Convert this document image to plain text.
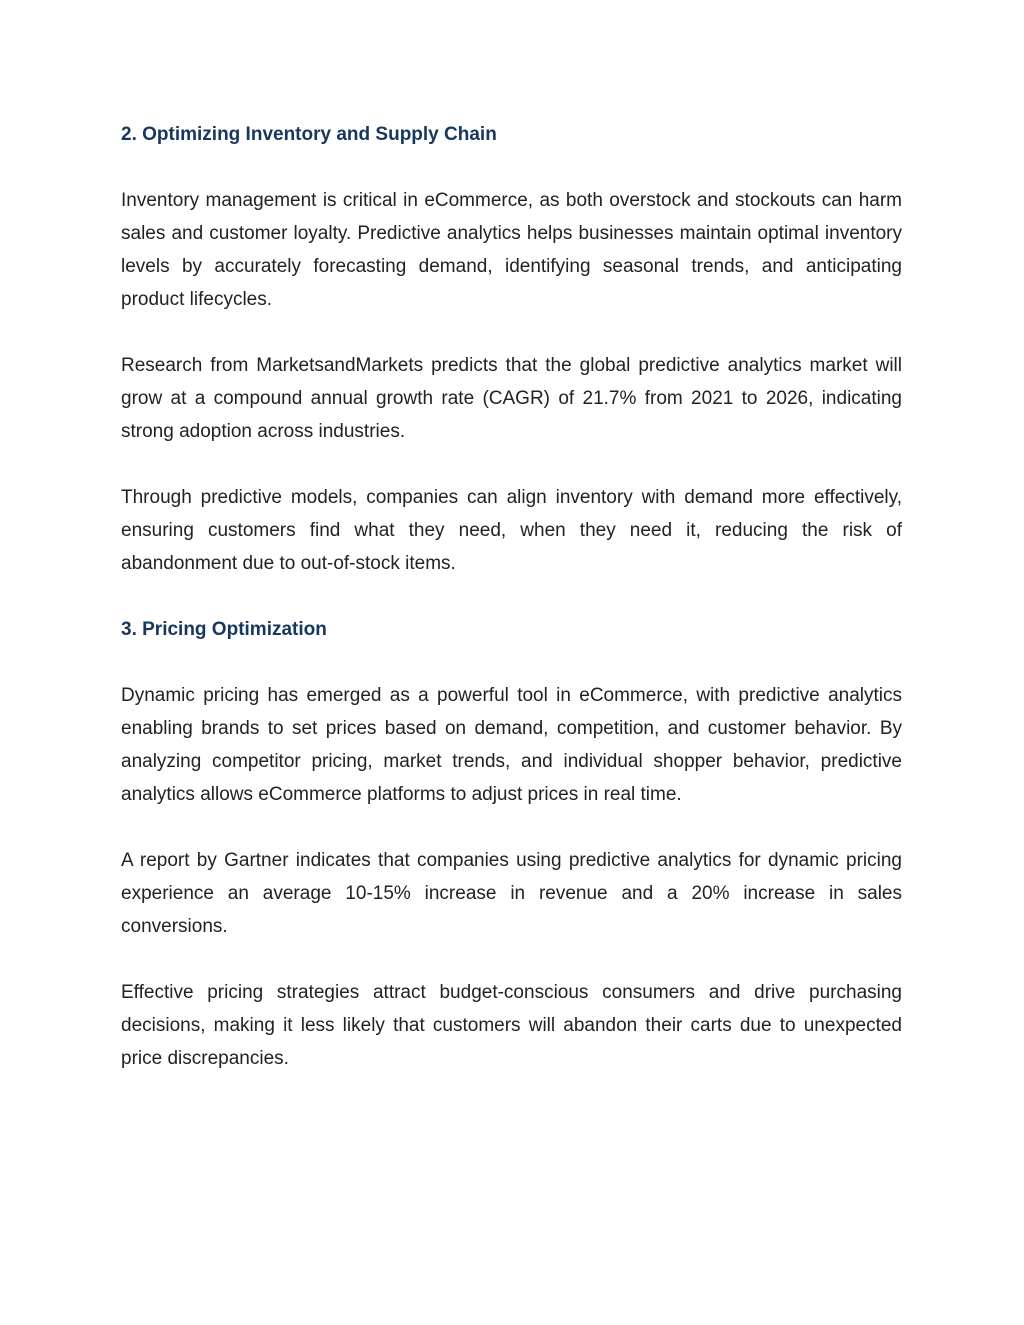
2. Optimizing Inventory and Supply Chain

Inventory management is critical in eCommerce, as both overstock and stockouts can harm sales and customer loyalty. Predictive analytics helps businesses maintain optimal inventory levels by accurately forecasting demand, identifying seasonal trends, and anticipating product lifecycles.

Research from MarketsandMarkets predicts that the global predictive analytics market will grow at a compound annual growth rate (CAGR) of 21.7% from 2021 to 2026, indicating strong adoption across industries.

Through predictive models, companies can align inventory with demand more effectively, ensuring customers find what they need, when they need it, reducing the risk of abandonment due to out-of-stock items.

3. Pricing Optimization

Dynamic pricing has emerged as a powerful tool in eCommerce, with predictive analytics enabling brands to set prices based on demand, competition, and customer behavior. By analyzing competitor pricing, market trends, and individual shopper behavior, predictive analytics allows eCommerce platforms to adjust prices in real time.

A report by Gartner indicates that companies using predictive analytics for dynamic pricing experience an average 10-15% increase in revenue and a 20% increase in sales conversions.

Effective pricing strategies attract budget-conscious consumers and drive purchasing decisions, making it less likely that customers will abandon their carts due to unexpected price discrepancies.
